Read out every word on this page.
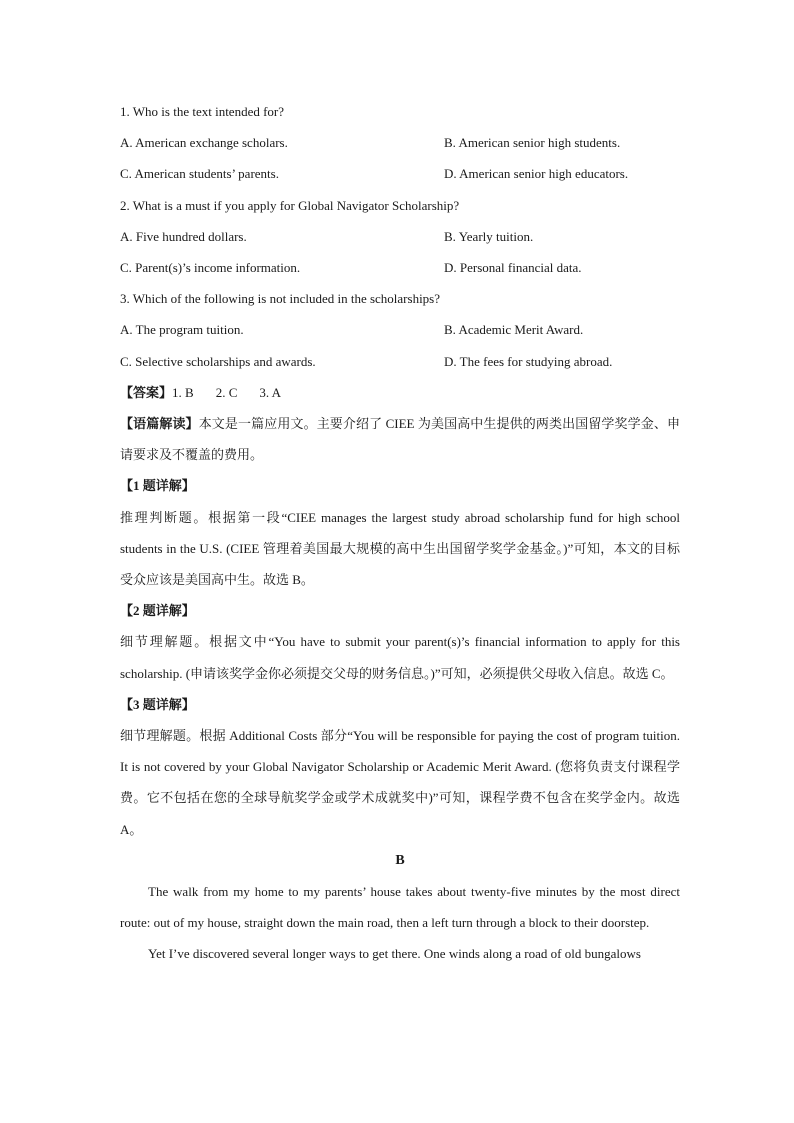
1. Who is the text intended for?
A. American exchange scholars.	B. American senior high students.
C. American students’ parents.	D. American senior high educators.
2. What is a must if you apply for Global Navigator Scholarship?
A. Five hundred dollars.	B. Yearly tuition.
C. Parent(s)’s income information.	D. Personal financial data.
3. Which of the following is not included in the scholarships?
A. The program tuition.	B. Academic Merit Award.
C. Selective scholarships and awards.	D. The fees for studying abroad.
【答案】1. B 2. C 3. A
【语篇解读】本文是一篇应用文。主要介绍了 CIEE 为美国高中生提供的两类出国留学奖学金、申请要求及不覆盖的费用。
【1 题详解】
推理判断题。根据第一段“CIEE manages the largest study abroad scholarship fund for high school students in the U.S. (CIEE 管理着美国最大规模的高中生出国留学奖学金基金。)”可知，本文的目标受众应该是美国高中生。故选 B。
【2 题详解】
细节理解题。根据文中“You have to submit your parent(s)’s financial information to apply for this scholarship. (申请该奖学金你必须提交父母的财务信息。)”可知，必须提供父母收入信息。故选 C。
【3 题详解】
细节理解题。根据 Additional Costs 部分“You will be responsible for paying the cost of program tuition. It is not covered by your Global Navigator Scholarship or Academic Merit Award. (您将负责支付课程学费。它不包括在您的全球导航奖学金或学术成就奖中)”可知，课程学费不包含在奖学金内。故选 A。
B
The walk from my home to my parents’ house takes about twenty-five minutes by the most direct route: out of my house, straight down the main road, then a left turn through a block to their doorstep.
Yet I’ve discovered several longer ways to get there. One winds along a road of old bungalows
